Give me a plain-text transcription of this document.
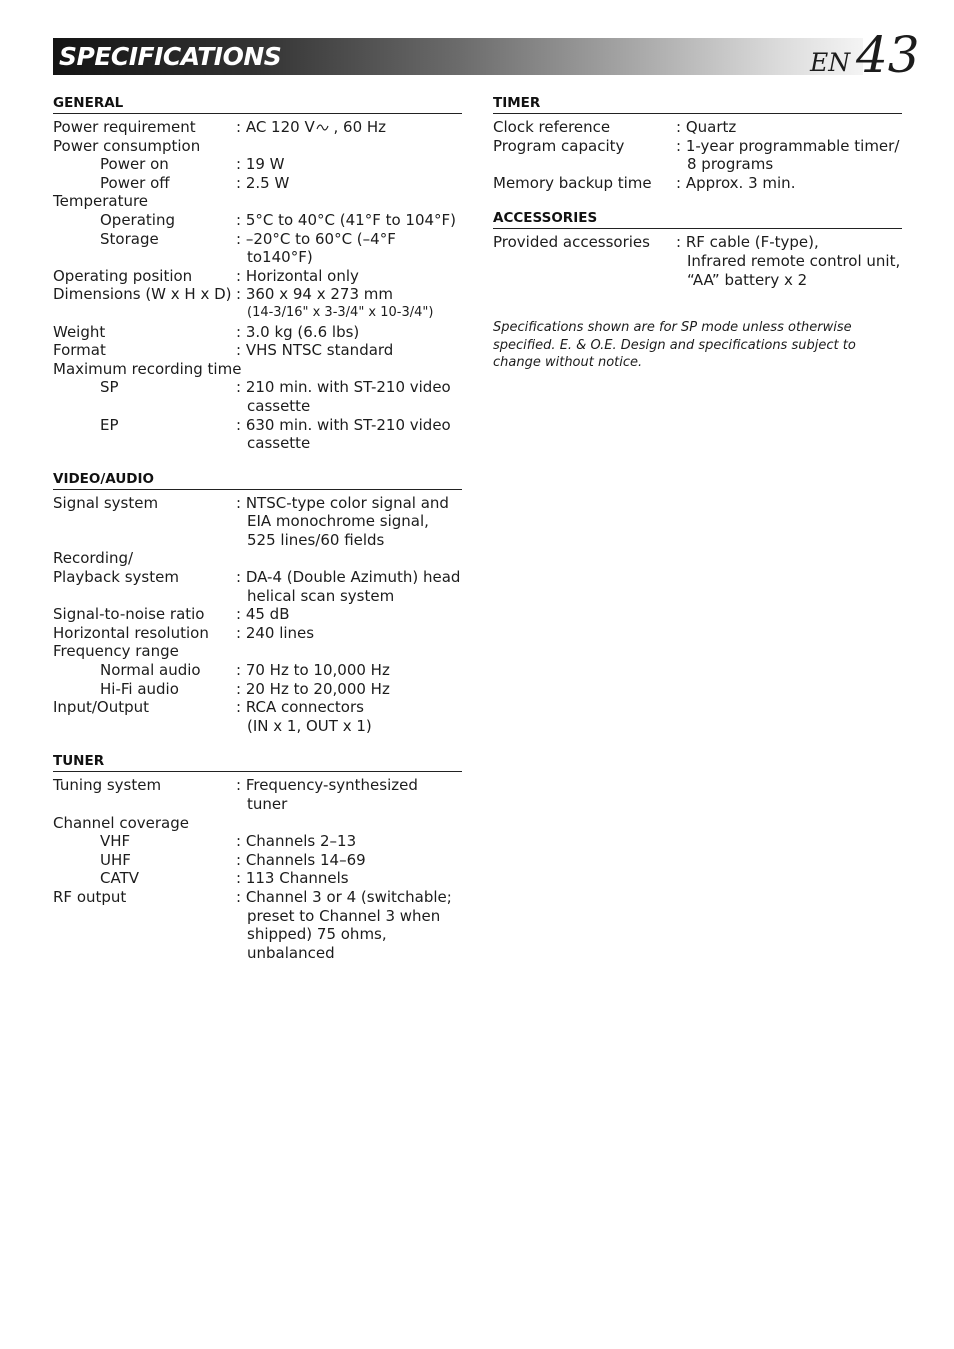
SPECIFICATIONS	EN 43
GENERAL
Power requirement	: AC 120 V , 60 Hz
Power consumption
Power on	: 19 W
Power off	: 2.5 W
Temperature
Operating	: 5°C to 40°C (41°F to 104°F)
Storage	: –20°C to 60°C (–4°F to140°F)
Operating position	: Horizontal only
Dimensions (W x H x D) : 360 x 94 x 273 mm
(14-3/16" x 3-3/4" x 10-3/4")
Weight	: 3.0 kg (6.6 lbs)
Format	: VHS NTSC standard
Maximum recording time
SP	: 210 min. with ST-210 video cassette
EP	: 630 min. with ST-210 video cassette
VIDEO/AUDIO
Signal system	: NTSC-type color signal and EIA monochrome signal, 525 lines/60 fields
Recording/
Playback system	: DA-4 (Double Azimuth) head helical scan system
Signal-to-noise ratio	: 45 dB
Horizontal resolution	: 240 lines
Frequency range
Normal audio	: 70 Hz to 10,000 Hz
Hi-Fi audio	: 20 Hz to 20,000 Hz
Input/Output	: RCA connectors
(IN x 1, OUT x 1)
TUNER
Tuning system	: Frequency-synthesized tuner
Channel coverage
VHF	: Channels 2–13
UHF	: Channels 14–69
CATV	: 113 Channels
RF output	: Channel 3 or 4 (switchable; preset to Channel 3 when shipped) 75 ohms, unbalanced
TIMER
Clock reference	: Quartz
Program capacity	: 1-year programmable timer/ 8 programs
Memory backup time	: Approx. 3 min.
ACCESSORIES
Provided accessories	: RF cable (F-type),
Infrared remote control unit,
“AA” battery x 2
Specifications shown are for SP mode unless otherwise specified. E. & O.E. Design and specifications subject to change without notice.
